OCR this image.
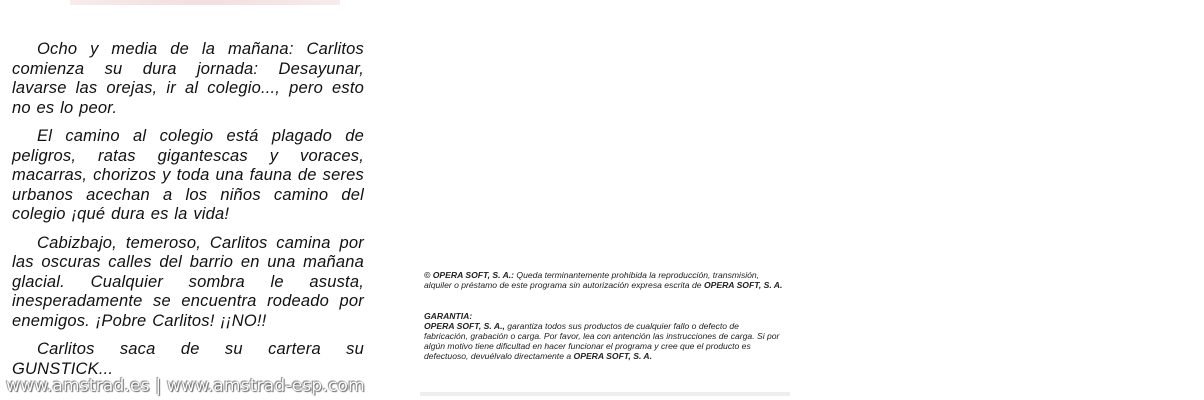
Ocho y media de la mañana: Carlitos comienza su dura jornada: Desayunar, lavarse las orejas, ir al colegio..., pero esto no es lo peor.

El camino al colegio está plagado de peligros, ratas gigantescas y voraces, macarras, chorizos y toda una fauna de seres urbanos acechan a los niños camino del colegio ¡qué dura es la vida!

Cabizbajo, temeroso, Carlitos camina por las oscuras calles del barrio en una mañana glacial. Cualquier sombra le asusta, inesperadamente se encuentra rodeado por enemigos. ¡Pobre Carlitos! ¡¡NO!!

Carlitos saca de su cartera su GUNSTICK...

www.amstrad.es | www.amstrad-esp.com

© OPERA SOFT, S. A.: Queda terminantemente prohibida la reproducción, transmisión, alquiler o préstamo de este programa sin autorización expresa escrita de OPERA SOFT, S. A.

GARANTIA:

OPERA SOFT, S. A., garantiza todos sus productos de cualquier fallo o defecto de fabricación, grabación o carga. Por favor, lea con antención las instrucciones de carga. Si por algún motivo tiene dificultad en hacer funcionar el programa y cree que el producto es defectuoso, devuélvalo directamente a OPERA SOFT, S. A.
